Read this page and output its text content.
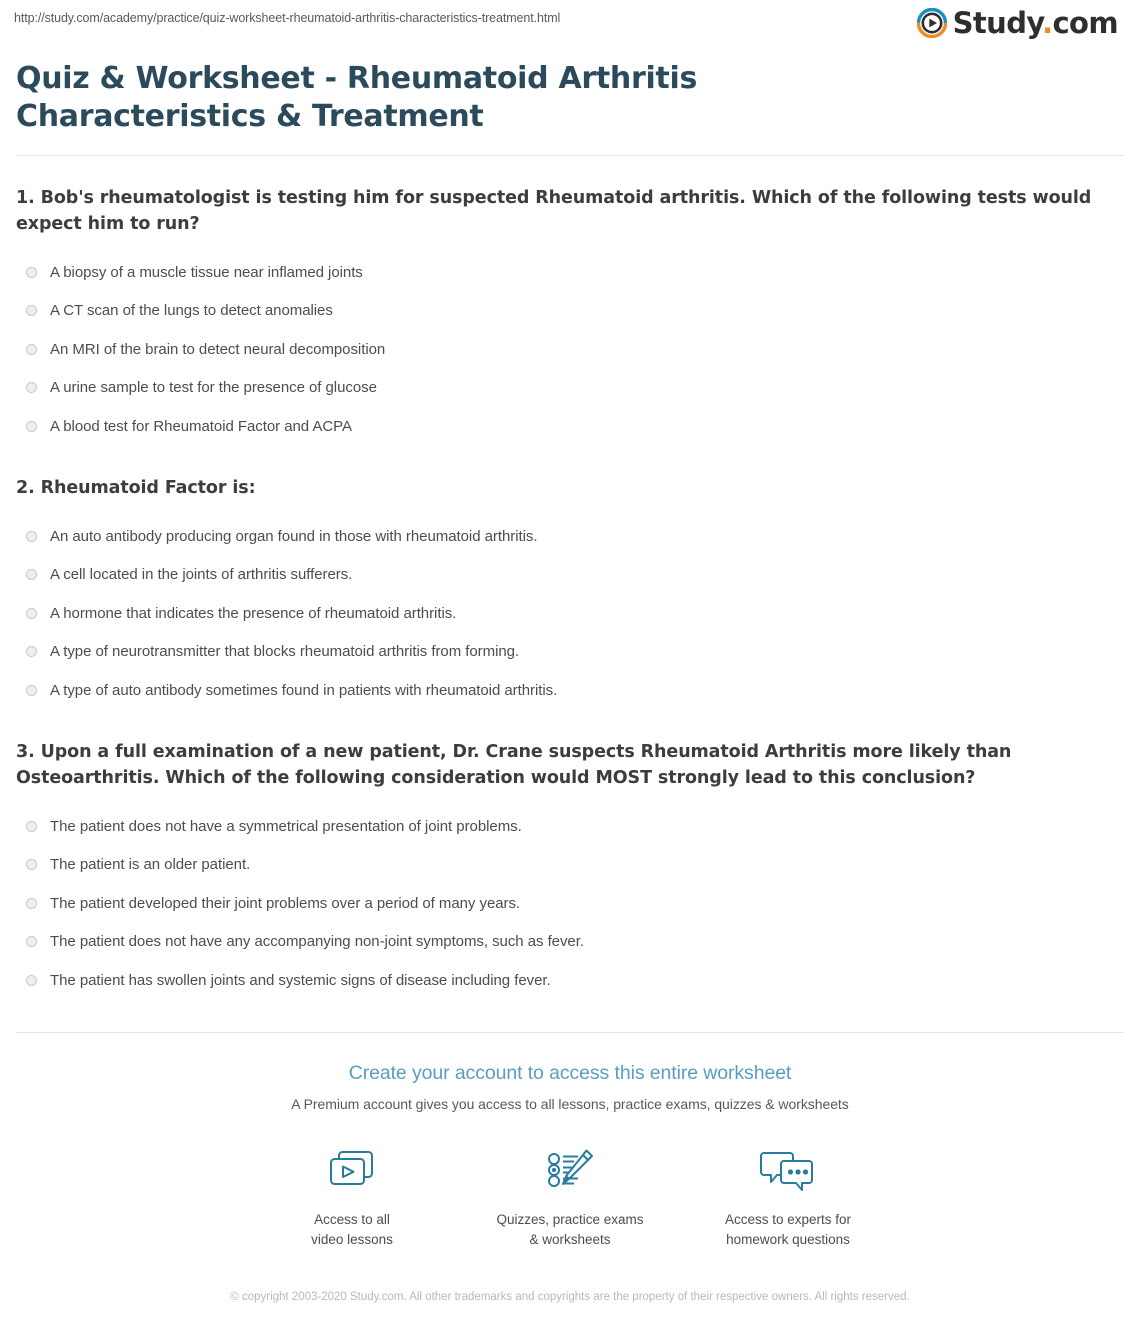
http://study.com/academy/practice/quiz-worksheet-rheumatoid-arthritis-characteristics-treatment.html	Study.com
Quiz & Worksheet - Rheumatoid Arthritis Characteristics & Treatment
1. Bob's rheumatologist is testing him for suspected Rheumatoid arthritis. Which of the following tests would expect him to run?
A biopsy of a muscle tissue near inflamed joints
A CT scan of the lungs to detect anomalies
An MRI of the brain to detect neural decomposition
A urine sample to test for the presence of glucose
A blood test for Rheumatoid Factor and ACPA
2. Rheumatoid Factor is:
An auto antibody producing organ found in those with rheumatoid arthritis.
A cell located in the joints of arthritis sufferers.
A hormone that indicates the presence of rheumatoid arthritis.
A type of neurotransmitter that blocks rheumatoid arthritis from forming.
A type of auto antibody sometimes found in patients with rheumatoid arthritis.
3. Upon a full examination of a new patient, Dr. Crane suspects Rheumatoid Arthritis more likely than Osteoarthritis. Which of the following consideration would MOST strongly lead to this conclusion?
The patient does not have a symmetrical presentation of joint problems.
The patient is an older patient.
The patient developed their joint problems over a period of many years.
The patient does not have any accompanying non-joint symptoms, such as fever.
The patient has swollen joints and systemic signs of disease including fever.
Create your account to access this entire worksheet
A Premium account gives you access to all lessons, practice exams, quizzes & worksheets
Access to all
video lessons
Quizzes, practice exams
& worksheets
Access to experts for
homework questions
© copyright 2003-2020 Study.com. All other trademarks and copyrights are the property of their respective owners. All rights reserved.
